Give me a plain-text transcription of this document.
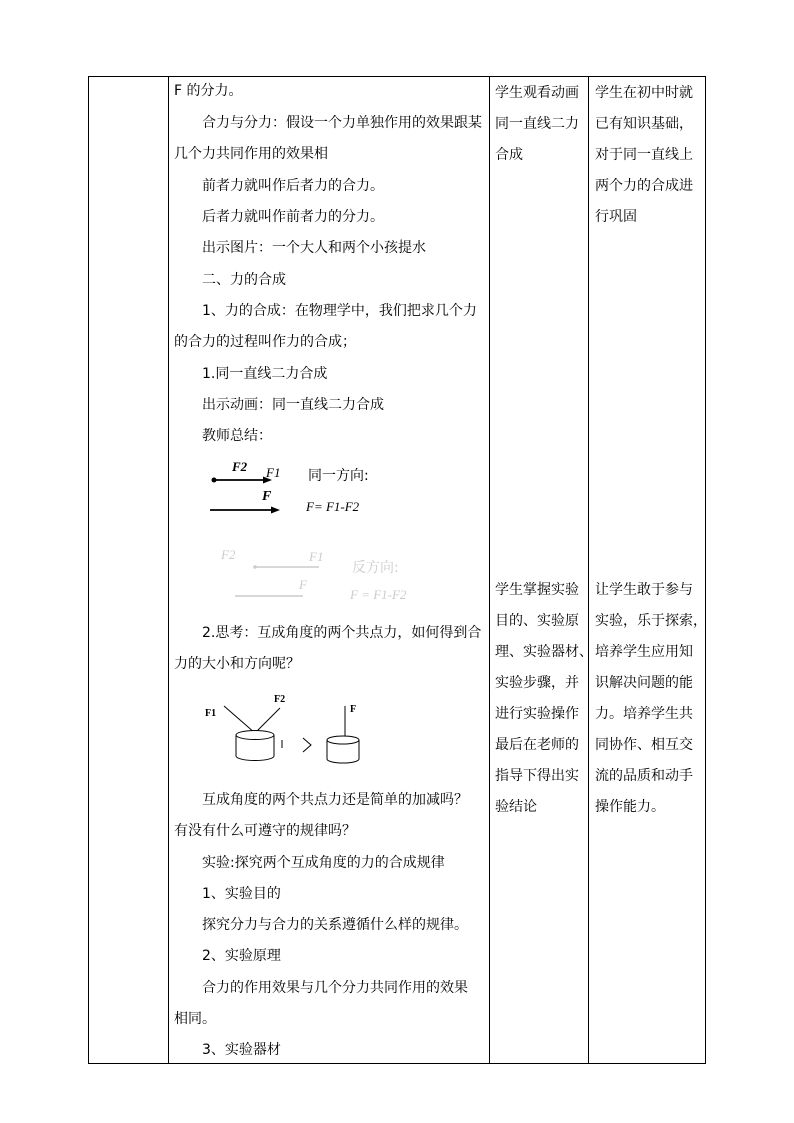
F 的分力。
合力与分力：假设一个力单独作用的效果跟某
几个力共同作用的效果相
前者力就叫作后者力的合力。
后者力就叫作前者力的分力。
出示图片：一个大人和两个小孩提水
二、力的合成
1、力的合成：在物理学中，我们把求几个力
的合力的过程叫作力的合成；
1.同一直线二力合成
出示动画：同一直线二力合成
教师总结：
F2 F1
F
同一方向:
F= F1-F2
F2	F1
F
反方向:
F = F1-F2
2.思考：互成角度的两个共点力，如何得到合
力的大小和方向呢？
F1
F2
F
互成角度的两个共点力还是简单的加减吗？
有没有什么可遵守的规律吗？
实验:探究两个互成角度的力的合成规律
1、实验目的
探究分力与合力的关系遵循什么样的规律。
2、实验原理
合力的作用效果与几个分力共同作用的效果
相同。
3、实验器材
学生观看动画
同一直线二力
合成
学生掌握实验
目的、实验原
理、实验器材、
实验步骤，并
进行实验操作
最后在老师的
指导下得出实
验结论
学生在初中时就
已有知识基础，
对于同一直线上
两个力的合成进
行巩固
让学生敢于参与
实验，乐于探索，
培养学生应用知
识解决问题的能
力。培养学生共
同协作、相互交
流的品质和动手
操作能力。
